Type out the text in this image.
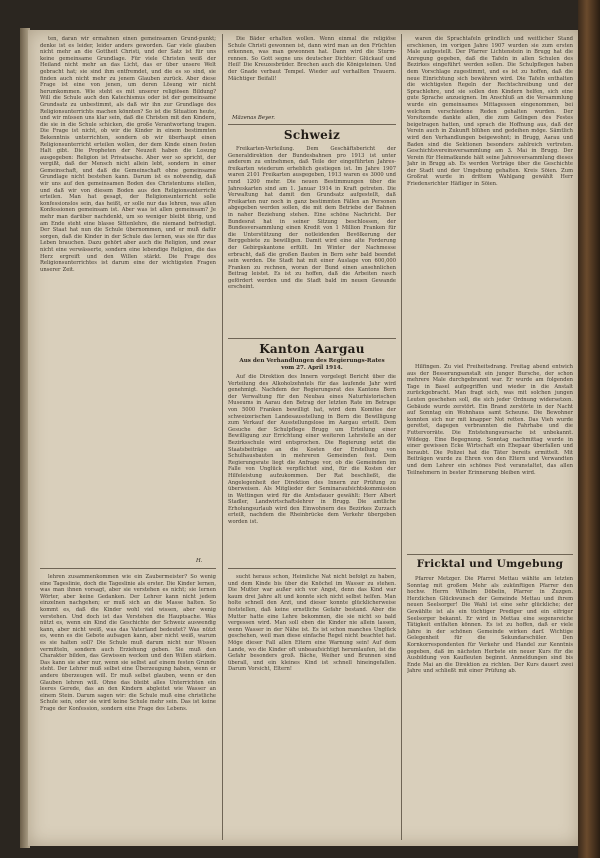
ten, daran wir ermahnen einen gemeinsamen Grund-punkt; denke ist es leider, leider anders geworden. Gar viele glauben nicht mehr an die Gottheit Christi, und der Satz ist für uns keine gemeinsame Grundlage. Für viele Christen weiß der Heiland nicht mehr an das Licht, das er über unsere Welt gebracht hat; sie sind ihm entfremdet, und die es so sind, sie finden auch nicht mehr zu jenem Glauben zurück. Aber diese Frage ist eine von jenen, um deren Lösung wir nicht herumkommen. Wie steht es mit unserer religiösen Bildung? Will die Schule auch den Katechismus oder ist der gemeinsame Grundsatz zu unbestimmt, als daß wir ihn zur Grundlage des Religionsunterrichts machen könnten? So ist die Situation heute, und wir müssen uns klar sein, daß die Christen mit den Kindern, die sie in die Schule schicken, die große Verantwortung tragen. Die Frage ist nicht, ob wir die Kinder in einem bestimmten Bekenntnis unterrichten, sondern ob wir überhaupt einen Religionsunterricht erteilen wollen, der dem Kinde einen festen Halt gibt. Die Propheten der Neuzeit haben die Losung ausgegeben: Religion ist Privatsache. Aber wer so spricht, der vergißt, daß der Mensch nicht allein lebt, sondern in einer Gemeinschaft, und daß die Gemeinschaft ohne gemeinsame Grundlage nicht bestehen kann. Darum ist es notwendig, daß wir uns auf den gemeinsamen Boden des Christentums stellen, und daß wir von diesem Boden aus den Religionsunterricht erteilen. Man hat gesagt, der Religionsunterricht solle konfessionslos sein, das heißt, er solle nur das lehren, was allen Konfessionen gemeinsam ist. Aber was ist allen gemeinsam? Je mehr man darüber nachdenkt, um so weniger bleibt übrig, und am Ende steht eine blasse Sittenlehre, die niemand befriedigt. Der Staat hat nun die Schule übernommen, und er muß dafür sorgen, daß die Kinder in der Schule das lernen, was sie für das Leben brauchen. Dazu gehört aber auch die Religion, und zwar nicht eine verwässerte, sondern eine lebendige Religion, die das Herz ergreift und den Willen stärkt. Die Frage des Religionsunterrichtes ist darum eine der wichtigsten Fragen unserer Zeit.

H.

lehren zusammenkommen wie ein Zaubermeister? So wenig eine Tageslinie, doch die Tageslinie als erster. Die Kinder lernen, was man ihnen vorsagt, aber sie verstehen es nicht; sie lernen Wörter, aber keine Gedanken. Der Lehrer kann nicht jedem einzelnen nachgehen; er muß sich an die Masse halten. So kommt es, daß die Kinder wohl viel wissen, aber wenig verstehen. Und doch ist das Verstehen die Hauptsache. Was nützt es, wenn ein Kind die Geschichte der Schweiz auswendig kann, aber nicht weiß, was das Vaterland bedeutet? Was nützt es, wenn es die Gebote aufsagen kann, aber nicht weiß, warum es sie halten soll? Die Schule muß darum nicht nur Wissen vermitteln, sondern auch Erziehung geben. Sie muß den Charakter bilden, das Gewissen wecken und den Willen stärken. Das kann sie aber nur, wenn sie selbst auf einem festen Grunde steht. Der Lehrer muß selbst eine Überzeugung haben, wenn er andere überzeugen will. Er muß selbst glauben, wenn er den Glauben lehren will. Ohne das bleibt alles Unterrichten ein leeres Gerede, das an den Kindern abgleitet wie Wasser an einem Stein. Darum sagen wir: die Schule muß eine christliche Schule sein, oder sie wird keine Schule mehr sein. Das ist keine Frage der Konfession, sondern eine Frage des Lebens.

Die Bäder erhalten wollen. Wenn einmal die religiöse Schule Christi gewonnen ist, dann wird man an den Früchten erkennen, was man gewonnen hat. Dann wird die Sturm-rennen. So Gott segne uns deutscher Dichter: Glückauf und Heil! Die Kreuzesbrüder. Brechen auch die Königsteinen. Und der Gnade verbaut Tempel. Wieder auf verhallten Trauern. Mächtiger Beifall!

Mäzenas Beyer.
Schweiz

Freikarten-Verteilung. Dem Geschäftsbericht der Generaldirektion der Bundesbahnen pro 1913 ist unter anderem zu entnehmen, daß Teile der eingeführten Jahres-freikarten wiederum erheblich gestiegen ist. Im Jahre 1907 waren 2101 Freikarten ausgegeben, 1913 waren es 3000 und rund 1200 mehr. Die neuen Bestimmungen über die Jahreskarten sind am 1. Januar 1914 in Kraft getreten. Die Verwaltung hat damit den Grundsatz aufgestellt, daß Freikarten nur noch in ganz bestimmten Fällen an Personen abgegeben werden sollen, die mit dem Betriebe der Bahnen in naher Beziehung stehen. Eine schöne Nachricht. Der Bundesrat hat in seiner Sitzung beschlossen, der Bundesversammlung einen Kredit von 1 Million Franken für die Unterstützung der notleidenden Bevölkerung der Berggebiete zu bewilligen. Damit wird eine alte Forderung der Gebirgskantone erfüllt. Im Winter der Nachmesse erbracht, daß die großen Bauten in Bern sehr bald beendet sein werden. Die Stadt hat mit einer Auslage von 600,000 Franken zu rechnen, woran der Bund einen ansehnlichen Beitrag leistet. Es ist zu hoffen, daß die Arbeiten rasch gefördert werden und die Stadt bald im neuen Gewande erscheint.

Kanton Aargau
Aus den Verhandlungen des Regierungs-Rates vom 27. April 1914.

Auf die Direktion des Innern vorgelegt Bericht über die Verteilung des Alkoholzehntels für das laufende Jahr wird genehmigt. Nachdem der Regierungsrat des Kantons Bern der Verwaltung für den Neubau eines Naturhistorischen Museums in Aarau den Betrag der letzten Rate im Betrage von 5000 Franken bewilligt hat, wird dem Komitee der schweizerischen Landesausstellung in Bern die Bewilligung zum Verkauf der Ausstellungslose im Aargau erteilt. Dem Gesuche der Schulpflege Brugg um Erteilung einer Bewilligung zur Errichtung einer weiteren Lehrstelle an der Bezirksschule wird entsprochen. Die Regierung setzt die Staatsbeiträge an die Kosten der Erstellung von Schulhausbauten in mehreren Gemeinden fest. Dem Regierungsrate liegt die Anfrage vor, ob die Gemeinden im Falle von Unglück verpflichtet sind, für die Kosten der Hilfeleistung aufzukommen. Der Rat beschließt, die Angelegenheit der Direktion des Innern zur Prüfung zu überweisen. Als Mitglieder der Seminaraufsichtskommission in Wettingen wird für die Amtsdauer gewählt: Herr Albert Stadler, Landwirtschaftslehrer in Brugg. Die amtliche Erholungsurlaub wird den Einwohnern des Bezirkes Zurzach erteilt, nachdem die Rheinbrücke dem Verkehr übergeben worden ist.

sucht heraus schon, Heimliche Nat nicht befolgt zu haben, und dem Kinde bis über die Knöchel im Wasser zu stehen. Die Mutter war außer sich vor Angst, denn das Kind war kaum drei Jahre alt und konnte sich nicht selbst helfen. Man holte schnell den Arzt, und dieser konnte glücklicherweise feststellen, daß keine ernstliche Gefahr bestand. Aber die Mutter hatte eine Lehre bekommen, die sie nicht so bald vergessen wird. Man soll eben die Kinder nie allein lassen, wenn Wasser in der Nähe ist. Es ist schon manches Unglück geschehen, weil man diese einfache Regel nicht beachtet hat. Möge dieser Fall allen Eltern eine Warnung sein! Auf dem Lande, wo die Kinder oft unbeaufsichtigt herumlaufen, ist die Gefahr besonders groß. Bäche, Weiher und Brunnen sind überall, und ein kleines Kind ist schnell hineingefallen. Darum Vorsicht, Eltern!

waren die Sprachtafeln gründlich und weitlicher Stand erschienen, im vorigen Jahre 1907 wurden sie zum ersten Male aufgestellt. Der Pfarrer Lichtenstein in Brugg hat die Anregung gegeben, daß die Tafeln in allen Schulen des Bezirkes eingeführt werden sollen. Die Schulpflegen haben dem Vorschlage zugestimmt, und es ist zu hoffen, daß die neue Einrichtung sich bewähren wird. Die Tafeln enthalten die wichtigsten Regeln der Rechtschreibung und der Sprachlehre, und sie sollen den Kindern helfen, sich eine gute Sprache anzueignen. Im Anschluß an die Versammlung wurde ein gemeinsames Mittagessen eingenommen, bei welchem verschiedene Reden gehalten wurden. Der Vorsitzende dankte allen, die zum Gelingen des Festes beigetragen hatten, und sprach die Hoffnung aus, daß der Verein auch in Zukunft blühen und gedeihen möge. Sämtlich wird den Verhandlungen beigewohnt; in Brugg, Aarau und Baden sind die Sektionen besonders zahlreich vertreten. Geschichtsvereinsversammlung am 3. Mai in Brugg. Der Verein für Heimatkunde hält seine Jahresversammlung dieses Jahr in Brugg ab. Es werden Vorträge über die Geschichte der Stadt und der Umgebung gehalten. Kreis Söien. Zum Großrat wurde in drittem Wahlgang gewählt Herr Friedensrichter Häfliger in Söien.

Hilfingen. Zu viel Freiheitsdrang. Freitag abend entwich aus der Besserungsanstalt ein junger Bursche, der schon mehrere Male durchgebrannt war. Er wurde am folgenden Tage in Basel aufgegriffen und wieder in die Anstalt zurückgebracht. Man fragt sich, was mit solchen jungen Leuten geschehen soll, die sich jeder Ordnung widersetzen. Gebäude wurde zerstört. Ein Brand zerstörte in der Nacht auf Sonntag ein Wohnhaus samt Scheune. Die Bewohner konnten sich nur mit knapper Not retten. Das Vieh wurde gerettet, dagegen verbrannten die Fahrhabe und die Futtervorräte. Die Entstehungsursache ist unbekannt. Wildegg. Eine Begegnung. Sonntag nachmittag wurde in einer gewissen Ecke Wirtschaft ein Ehepaar überfallen und beraubt. Die Polizei hat die Täter bereits ermittelt. Mit Beiträgen wurde zu Ehren von den Eltern und Verwandten und dem Lehrer ein schönes Fest veranstaltet, das allen Teilnehmern in bester Erinnerung bleiben wird.

Fricktal und Umgebung

Pfarrer Metzger. Die Pfarrei Mettau wählte am letzten Sonntag mit großem Mehr als zukünftigen Pfarrer den hochw. Herrn Wilhelm Döbelin, Pfarrer in Zuzgen. Herzlichen Glückwunsch der Gemeinde Mettau und ihrem neuen Seelsorger! Die Wahl ist eine sehr glückliche; der Gewählte ist als ein tüchtiger Prediger und ein eifriger Seelsorger bekannt. Er wird in Mettau eine segensreiche Tätigkeit entfalten können. Es ist zu hoffen, daß er viele Jahre in der schönen Gemeinde wirken darf. Wichtige Gelegenheit für die Sekundarschüler. Den Kornkorrespondenten für Verkehr und Handel zur Kenntnis gegeben, daß im nächsten Herbste ein neuer Kurs für die Ausbildung von Kaufleuten beginnt. Anmeldungen sind bis Ende Mai an die Direktion zu richten. Der Kurs dauert zwei Jahre und schließt mit einer Prüfung ab.
